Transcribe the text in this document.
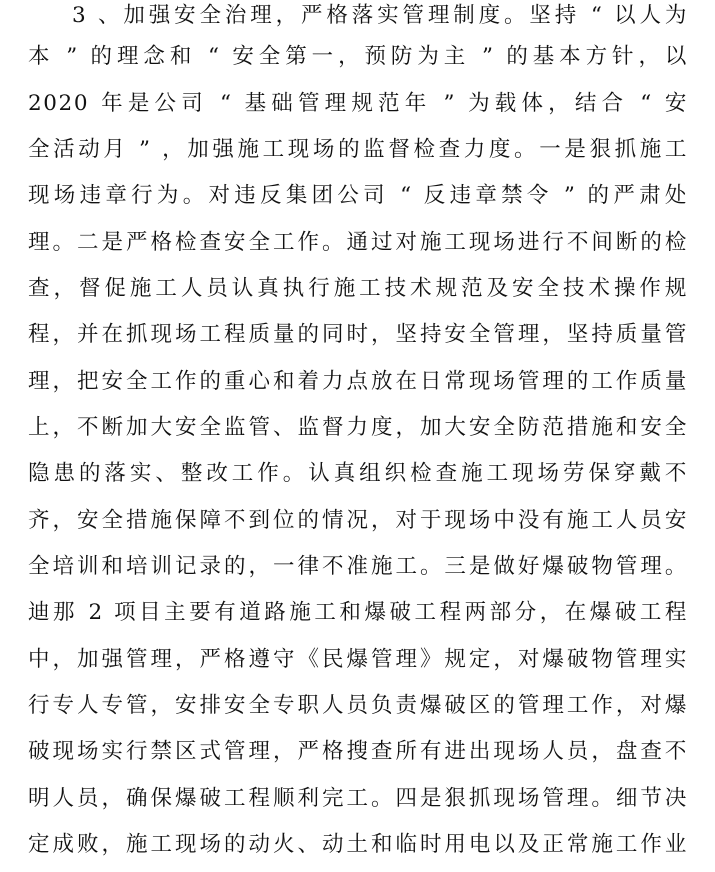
3 、加强安全治理，严格落实管理制度。坚持 “ 以人为
本 ” 的理念和 “ 安全第一，预防为主 ” 的基本方针，以
2020 年是公司 “ 基础管理规范年 ” 为载体，结合 “ 安
全活动月 ” ，加强施工现场的监督检查力度。一是狠抓施工
现场违章行为。对违反集团公司 “ 反违章禁令 ” 的严肃处
理。二是严格检查安全工作。通过对施工现场进行不间断的检
查，督促施工人员认真执行施工技术规范及安全技术操作规
程，并在抓现场工程质量的同时，坚持安全管理，坚持质量管
理，把安全工作的重心和着力点放在日常现场管理的工作质量
上，不断加大安全监管、监督力度，加大安全防范措施和安全
隐患的落实、整改工作。认真组织检查施工现场劳保穿戴不
齐，安全措施保障不到位的情况，对于现场中没有施工人员安
全培训和培训记录的，一律不准施工。三是做好爆破物管理。
迪那 2 项目主要有道路施工和爆破工程两部分，在爆破工程
中，加强管理，严格遵守《民爆管理》规定，对爆破物管理实
行专人专管，安排安全专职人员负责爆破区的管理工作，对爆
破现场实行禁区式管理，严格搜查所有进出现场人员，盘查不
明人员，确保爆破工程顺利完工。四是狠抓现场管理。细节决
定成败，施工现场的动火、动土和临时用电以及正常施工作业
